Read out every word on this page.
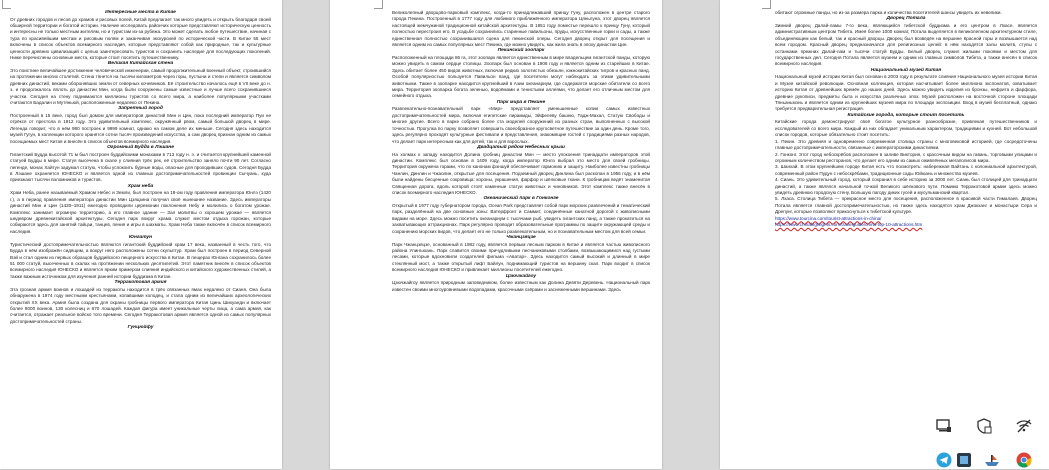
Интересные места в Китае

От древних городов и лесов до храмов и рисовых полей, Китай предлагает так много увидеть и открыть благодаря своей обширной территории и богатой истории. Наличие исследовать райончих которые представляют историческую ценность и интересны не только местным жителям, но и туристам из-за рубежа. Это может сделать любое путешествие, начиная с тура по красивейшим местам и рисовым полям и заканчивая экскурсией по исторической части. В Китае 55 мест включены в список объектов всемирного наследия, которые представляют собой как природные, так и культурные ценности древних цивилизаций с целью заинтересовать туристов и сохранить наследие для последующих поколений. Ниже перечислены основные места, которые стоит посетить путешественнику.

Великая Китайская стена

Это поистине величайшее достижение человеческой инженерии, самый продолжительный военный объект, строившийся на протяжении многих столетий. Стена тянется на тысячи километров через горы, пустыни и степи и является символом древних династий, веками оборонявших земли от северных кочевников. Её строительство началось ещё в VII веке до н. э. и продолжалось вплоть до династии Мин, когда были сооружены самые известные и лучше всего сохранившиеся участки. Сегодня на стену поднимаются миллионы туристов со всего мира, а наиболее популярными участками считаются Бадалин и Мутяньюй, расположенные недалеко от Пекина.

Запретный город

Построенный в 15 веке, город был домом для императоров династий Мин и Цин, пока последний император Пуи не отрёкся от престола в 1912 году. Это удивительный комплекс, окружённый рвом, самый большой дворец в мире. Легенда говорит, что в нём 980 построек и 9999 комнат, однако на самом деле их меньше. Сегодня здесь находится музей Гугун, в коллекции которого хранятся сотни тысяч произведений искусства, а сам дворец признан одним из самых посещаемых мест Китая и внесён в список объектов всемирного наследия.

Огромный Будда в Лэшане

Гигантский Будда высотой 71 м был построен буддийскими монахами в 713 году н. э. и считается крупнейшей каменной статуей Будды в мире. Статуя высечена в скале у слияния трёх рек, её строительство заняло почти 90 лет. Согласно легенде, монах Хайтун задумал статую, чтобы успокоить бурные воды, опасные для проходивших судов. Сегодня Будда в Лэшане охраняется ЮНЕСКО и является одной из главных достопримечательностей провинции Сычуань, куда приезжают тысячи паломников и туристов.

Храм неба

Храм Неба, ранее называемый Храмом Небес и Земли, был построен на 18-ом году правления императора Юнлэ (1420 г.), а в период правления императора династии Мин Цзяцзина получил своё нынешнее название. Здесь императоры династий Мин и Цин (1420–1911) ежегодно проводили церемонии поклонения Небу и молились о богатом урожае. Комплекс занимает огромную территорию, а его главное здание — Зал молитвы о хорошем урожае — является шедевром древнекитайской архитектуры. Сегодня парк вокруг храма служит местом отдыха горожан, которые собираются здесь для занятий тайцзи, танцев, пения и игры в шахматы. Храм Неба также включён в список всемирного наследия.

Юнгатун

Туристический достопримечательностью являются гигантский буддийский храм 17 века, названный в честь того, что Будда в нём изображён сидящим, а вокруг него расположены сотни скульптур. Храм был построен в период Северной Вэй и стал одним из первых образцов буддийского пещерного искусства в Китае. В пещерах Юнгана сохранилось более 51 000 статуй, высеченных в скалах на протяжении нескольких десятилетий. Этот памятник внесён в список объектов всемирного наследия ЮНЕСКО и является ярким примером слияния индийского и китайского художественных стилей, а также важным источником для изучения ранней истории буддизма в Китае.

Терракотовая армия

Эта грозная армия воинов и лошадей из терракоты находится в трёх связанных ямах недалеко от Сианя. Она была обнаружена в 1974 году местными крестьянами, копавшими колодец, и стала одним из величайших археологических открытий XX века. Армия была создана для охраны гробницы первого императора Китая Цинь Шихуанди и включает более 8000 воинов, 130 колесниц и 670 лошадей. Каждая фигура имеет уникальные черты лица, а сама армия, как считается, отражает реальное войско того времени. Сегодня Терракотовая армия является одной из самых популярных достопримечательностей страны.

Гунцюйфу

Великолепный дворцово-парковый комплекс, когда-то принадлежавший принцу Гуну, расположен в центре старого города Пекина. Построенный в 1777 году для любимого приближённого императора Цяньлуна, этот дворец является настоящей жемчужиной традиционной китайской архитектуры. В 1851 году поместье перешло к принцу Гуну, который полностью перестроил его. В усадьбе сохранились старинные павильоны, пруды, искусственные горки и сады, а также единственная полностью сохранившаяся сцена для пекинской оперы. Сегодня дворец открыт для посещения и является одним из самых популярных мест Пекина, где можно увидеть, как жила знать в эпоху династии Цин.

Пекинский зоопарк

Расположенный на площади 86 га, этот зоопарк является единственным в мире владельцем гигантской панды, которую можно увидеть в самом сердце столицы. Зоопарк был основан в 1906 году и является одним из старейших в Китае. Здесь обитает более 450 видов животных, включая редких золотистых обезьян, южнокитайских тигров и красных панд. Особой популярностью пользуется Павильон панд, где посетители могут наблюдать за этими удивительными животными. Также в зоопарке находится крупнейший в Азии океанариум, где содержатся морские обитатели со всего мира. Территория зоопарка богата зеленью, водоёмами и тенистыми аллеями, что делает его отличным местом для семейного отдыха.

Парк мира в Пекине

Развлекательно-познавательный парк «Мир» представляет уменьшенные копии самых известных достопримечательностей мира, включая египетские пирамиды, Эйфелеву башню, Тадж-Махал, Статую Свободы и многие другие. Всего в парке собрано более ста моделей сооружений из разных стран, выполненных с высокой точностью. Прогулка по парку позволяет совершить своеобразное кругосветное путешествие за один день. Кроме того, здесь регулярно проходят культурные фестивали и представления, знакомящие гостей с традициями разных народов, что делает парк интересным как для детей, так и для взрослых.

Двадцатый рядом Небесных крыш

На холмах к западу находится Долина гробниц династии Мин — место упокоения тринадцати императоров этой династии. Комплекс был основан в 1409 году, когда император Юнлэ выбрал это место для своей гробницы. Территория окружена горами, что по канонам фэншуй обеспечивает гармонию и защиту. Наиболее известны гробницы Чанлин, Динлин и Чжаолин, открытые для посещения. Подземный дворец Динлина был раскопан в 1956 году, и в нём были найдены бесценные сокровища: короны, украшения, фарфор и шёлковые ткани. К гробницам ведёт знаменитая Священная дорога, вдоль которой стоят каменные статуи животных и чиновников. Этот комплекс также внесён в список всемирного наследия ЮНЕСКО.

Океанический парк в Гонконге

Открытый в 1977 году губернатором города, Ocean Park представляет собой парк морских развлечений и тематический парк, разделённый на две основные зоны: Ватерфронт и Саммит, соединённые канатной дорогой с живописными видами на море. Здесь можно посетить океанариум с тысячами рыб, увидеть гигантских панд, а также прокатиться на захватывающих аттракционах. Парк регулярно проводит образовательные программы по защите окружающей среды и сохранению морских видов, что делает его не только развлекательным, но и познавательным местом для всей семьи.

Чжанцзяцзе

Парк Чжанцзяцзе, основанный в 1982 году, является первым лесным парком в Китае и является частью живописного района Улинъюань. Парк славится своими причудливыми песчаниковыми столбами, возвышающимися над густыми лесами, которые вдохновили создателей фильма «Аватар». Здесь находится самый высокий и длинный в мире стеклянный мост, а также открытый лифт Байлун, поднимающий туристов на вершину скал. Парк входит в список всемирного наследия ЮНЕСКО и привлекает миллионы посетителей ежегодно.

Цзючжайгоу

Цзючжайгоу является природным заповедником, более известным как Долина Девяти Деревень. Национальный парк известен своими многоуровневыми водопадами, красочными озёрами и заснеженными вершинами. Здесь

обитают огромные панды, но из-за размера парка и количества посетителей шансы увидеть их невелики.

Дворец Потала

Зимний дворец Далай-ламы 7-го века, являющийся тибетской буддизма и его центром в Лхасе, является административным центром Тибета. Имея более 1000 комнат, Потала выделяется в великолепном архитектурном стиле, объединяющем как белый, так и красный дворцы. Дворец был возведён на вершине Красной горы и возвышается над всем городом. Красный дворец предназначался для религиозных целей: в нём находятся залы молитв, ступы с останками прежних Далай-лам и тысячи статуй Будды. Белый дворец служил жилыми покоями и местом для государственных дел. Сегодня Потала является музеем и одним из главных символов Тибета, а также внесён в список всемирного наследия.

Национальный музей Китая

Национальный музей истории Китая был основан в 2003 году в результате слияния Национального музея истории Китая и Музея китайской революции. Основная коллекция, которая насчитывает более миллиона экспонатов, охватывает историю Китая от древнейших времён до наших дней. Здесь можно увидеть изделия из бронзы, нефрита и фарфора, древние рукописи, предметы быта и искусства различных эпох. Музей расположен на восточной стороне площади Тяньаньмэнь и является одним из крупнейших музеев мира по площади экспозиции. Вход в музей бесплатный, однако требуется предварительная регистрация.

Китайские города, которые стоит посетить

Китайские города демонстрируют своё богатое культурное разнообразие, привлекая путешественников и исследователей со всего мира. Каждый из них обладает уникальным характером, традициями и кухней. Вот небольшой список городов, которые обязательно стоит посетить:

1. Пекин. Это древняя и одновременно современная столица страны с многовековой историей, где сосредоточены главные достопримечательности, связанные с императорскими династиями.

2. Гонконг. Этот город небоскрёбов расположен в заливе Виктория, с красочным видом на гавань, торговыми улицами и огромным количеством ресторанов, что делает его одним из самых оживлённых мегаполисов мира.

3. Шанхай. В этом крупнейшем городе Китая есть что посмотреть: набережная Вайтань с колониальной архитектурой, современный район Пудун с небоскрёбами, традиционные сады Юйюань и множество музеев.

4. Сиань. Это удивительный город, который сохранил в себе историю за 3000 лет. Сиань был столицей для тринадцати династий, а также являлся начальной точкой Великого шёлкового пути. Помимо Терракотовой армии здесь можно увидеть древнюю городскую стену, Большую пагоду диких гусей и мусульманский квартал.

5. Лхаса. Столица Тибета — прекрасное место для посещения, расположенное в красивой части Гималаев. Дворец Потала является главной достопримечательностью, но также здесь находятся храм Джокханг и монастыри Сера и Дрепунг, которые позволяют прикоснуться к тибетской культуре.

https://www.tourcina.com/tourist-attractions-in-china/

https://www.chinahighlights.com/travelguide/china-top-10-attractions.htm
